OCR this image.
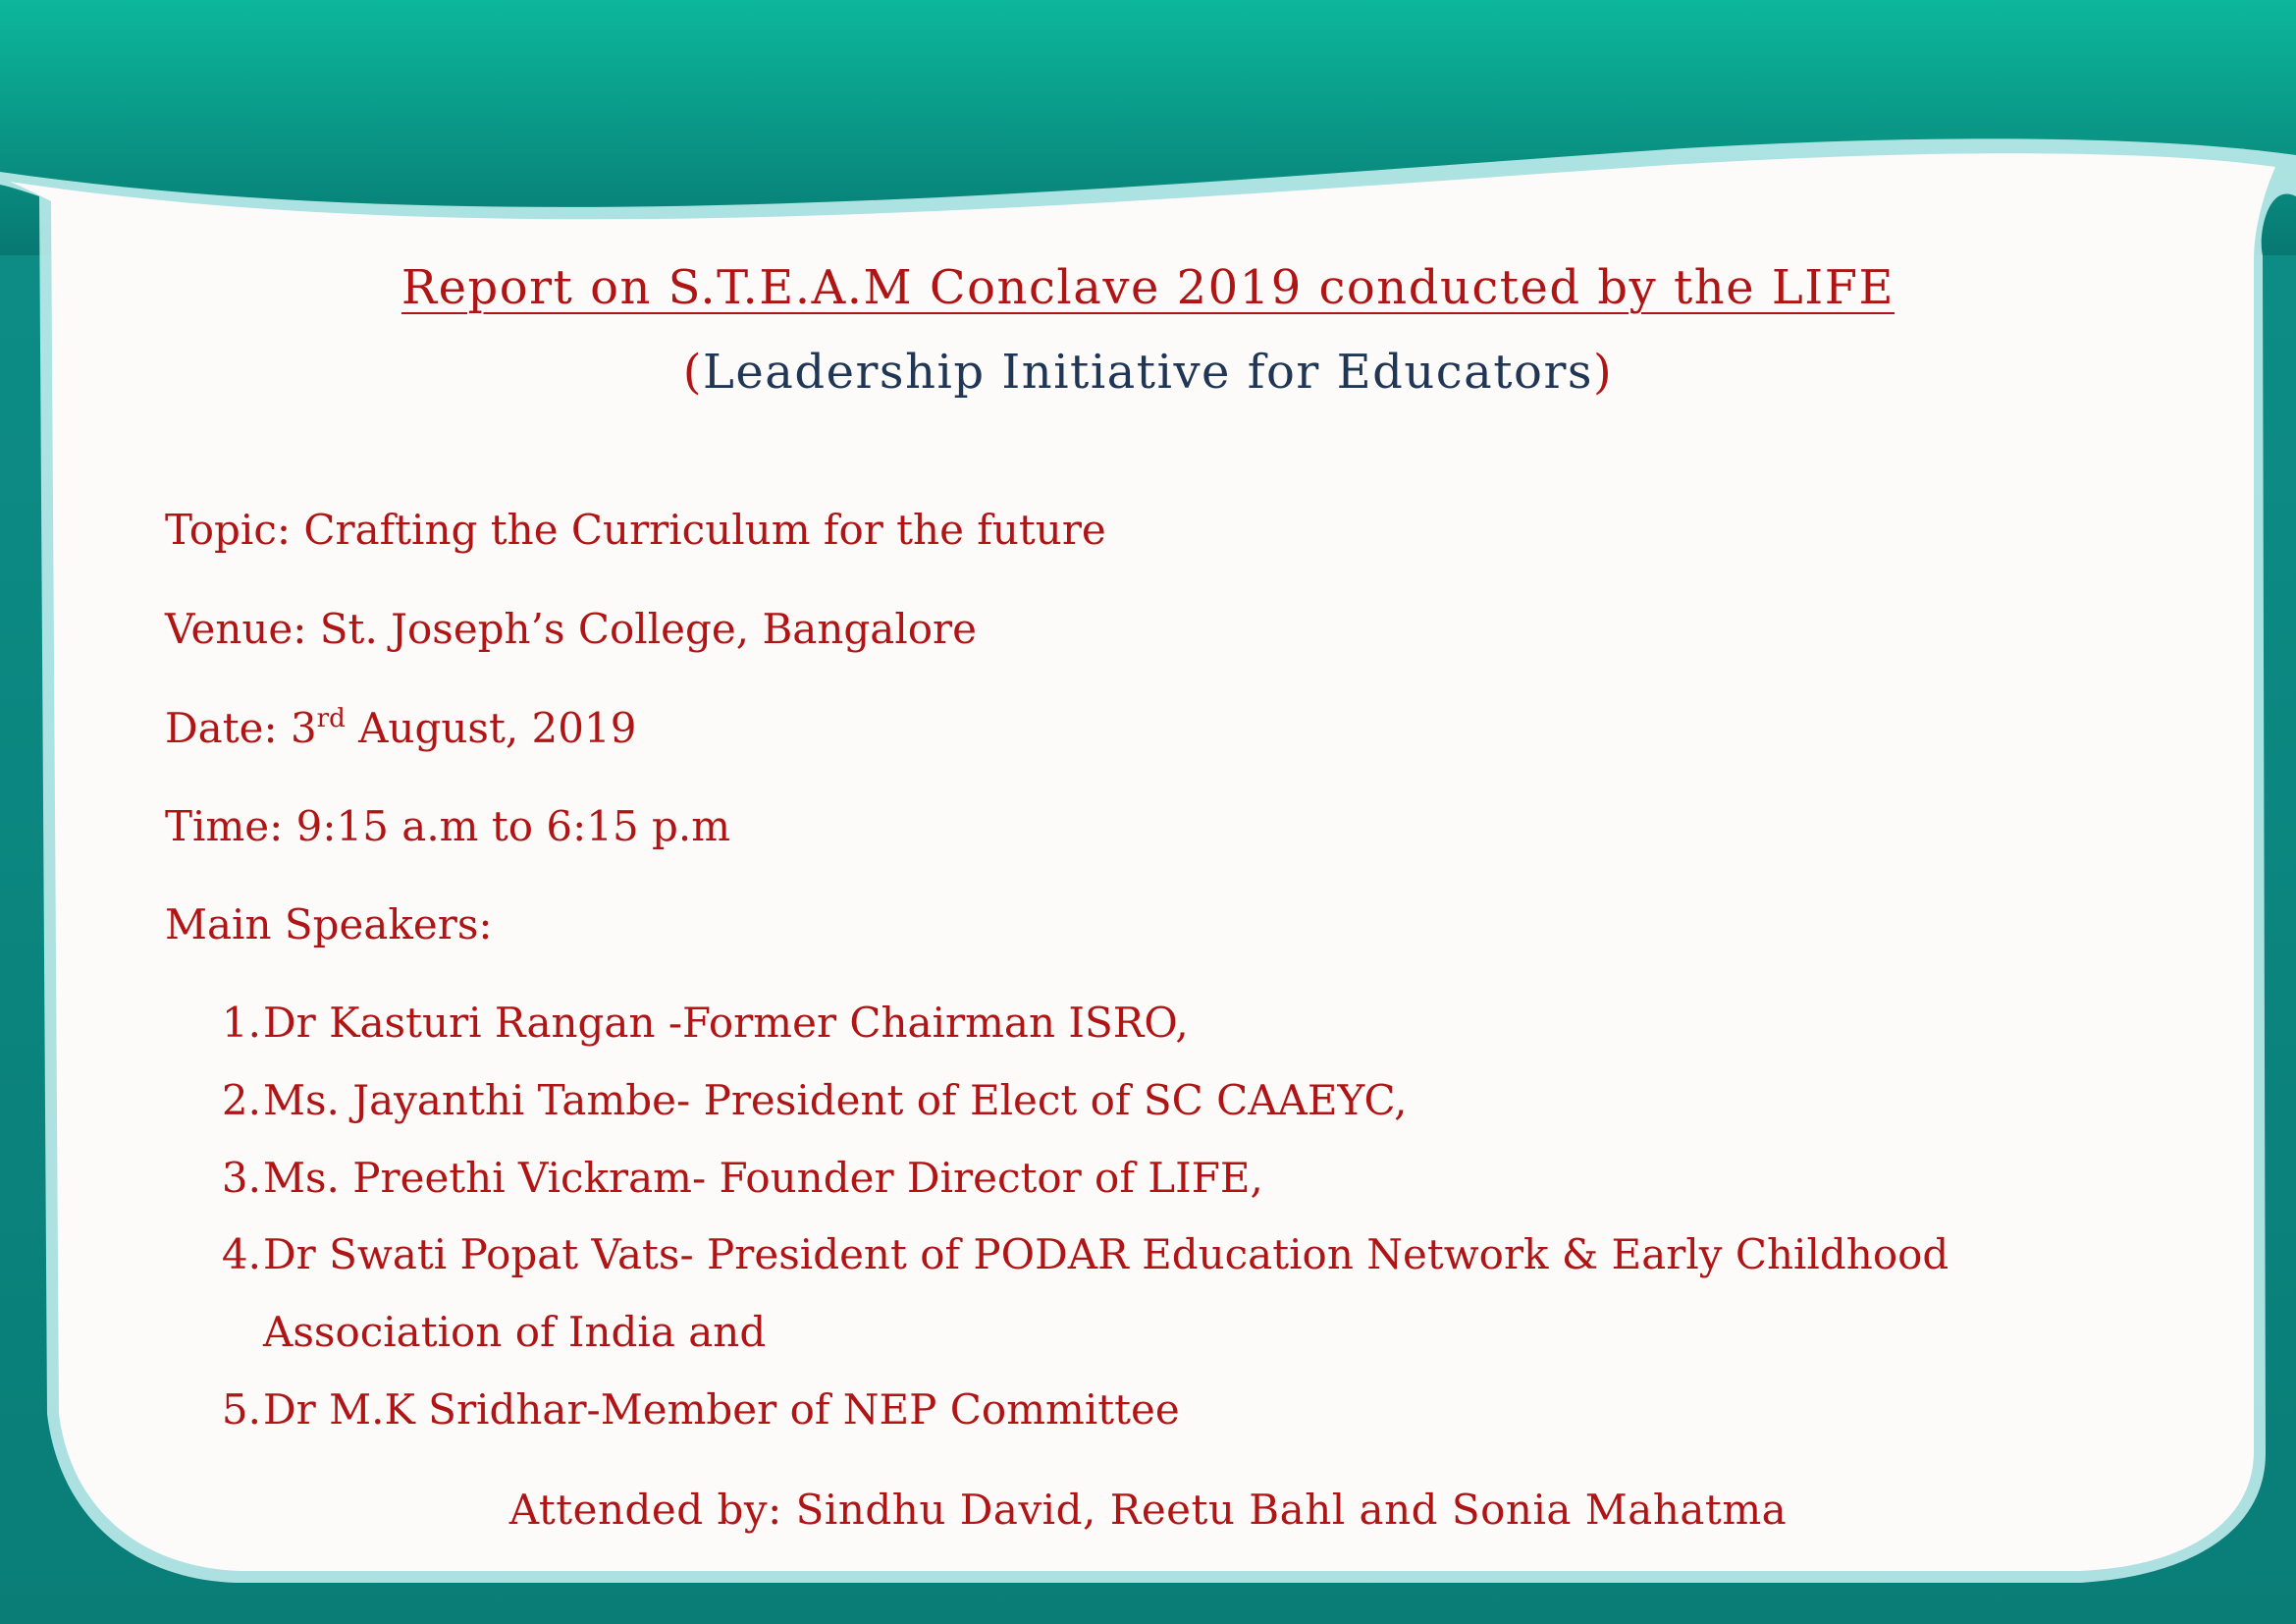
Report on S.T.E.A.M Conclave 2019 conducted by the LIFE
(Leadership Initiative for Educators)
Topic: Crafting the Curriculum for the future
Venue: St. Joseph’s College, Bangalore
Date: 3rd August, 2019
Time: 9:15 a.m to 6:15 p.m
Main Speakers:
1. Dr Kasturi Rangan -Former Chairman ISRO,
2. Ms. Jayanthi Tambe- President of Elect of SC CAAEYC,
3. Ms. Preethi Vickram- Founder Director of LIFE,
4. Dr Swati Popat Vats- President of PODAR Education Network & Early Childhood
Association of India and
5. Dr M.K Sridhar-Member of NEP Committee
Attended by: Sindhu David, Reetu Bahl and Sonia Mahatma
